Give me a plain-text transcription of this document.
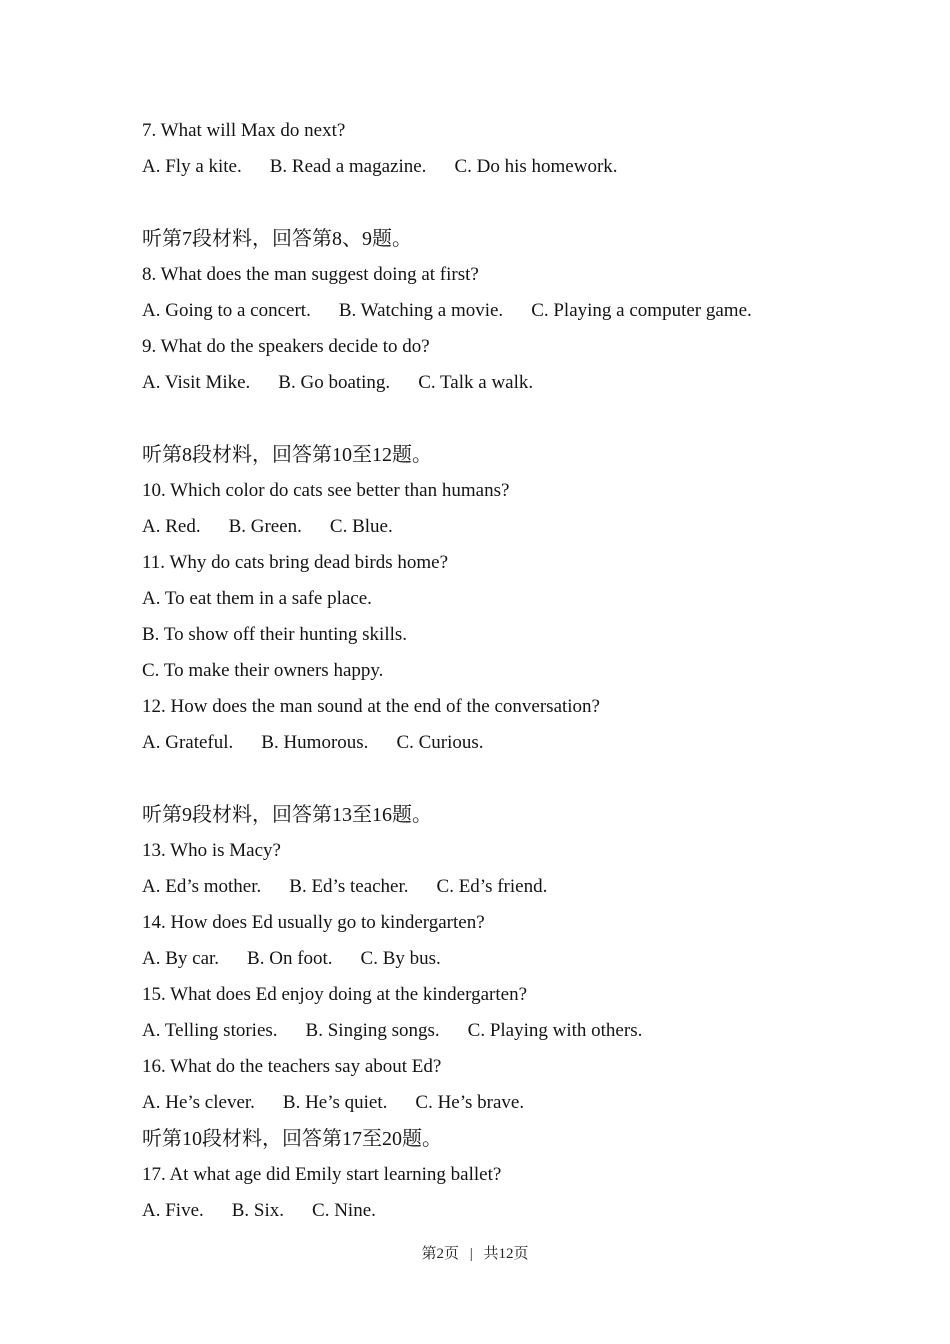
7. What will Max do next?

A. Fly a kite. B. Read a magazine. C. Do his homework.

听第7段材料，回答第8、9题。

8. What does the man suggest doing at first?

A. Going to a concert. B. Watching a movie. C. Playing a computer game.

9. What do the speakers decide to do?

A. Visit Mike. B. Go boating. C. Talk a walk.

听第8段材料，回答第10至12题。

10. Which color do cats see better than humans?

A. Red. B. Green. C. Blue.

11. Why do cats bring dead birds home?

A. To eat them in a safe place.

B. To show off their hunting skills.

C. To make their owners happy.

12. How does the man sound at the end of the conversation?

A. Grateful. B. Humorous. C. Curious.

听第9段材料，回答第13至16题。

13. Who is Macy?

A. Ed’s mother. B. Ed’s teacher. C. Ed’s friend.

14. How does Ed usually go to kindergarten?

A. By car. B. On foot. C. By bus.

15. What does Ed enjoy doing at the kindergarten?

A. Telling stories. B. Singing songs. C. Playing with others.

16. What do the teachers say about Ed?

A. He’s clever. B. He’s quiet. C. He’s brave.

听第10段材料，回答第17至20题。

17. At what age did Emily start learning ballet?

A. Five. B. Six. C. Nine.

第2页 | 共12页
